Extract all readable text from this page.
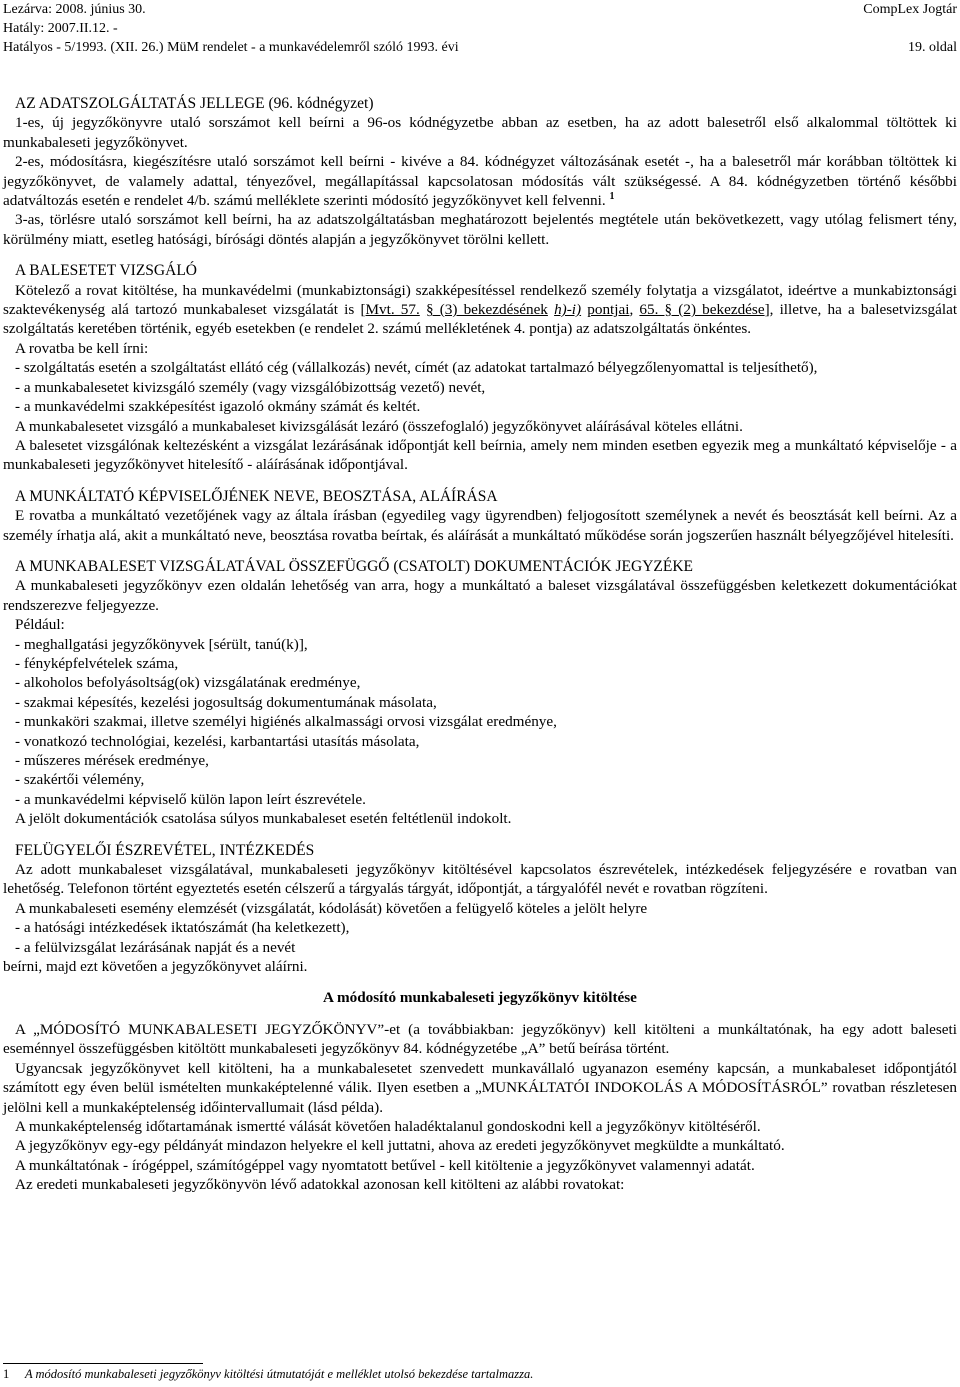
Lezárva: 2008. június 30.	CompLex Jogtár
Hatály: 2007.II.12. -
Hatályos - 5/1993. (XII. 26.) MüM rendelet - a munkavédelemről szóló 1993. évi	19. oldal

AZ ADATSZOLGÁLTATÁS JELLEGE (96. kódnégyzet)

1-es, új jegyzőkönyvre utaló sorszámot kell beírni a 96-os kódnégyzetbe abban az esetben, ha az adott balesetről első alkalommal töltöttek ki munkabaleseti jegyzőkönyvet.

2-es, módosításra, kiegészítésre utaló sorszámot kell beírni - kivéve a 84. kódnégyzet változásának esetét -, ha a balesetről már korábban töltöttek ki jegyzőkönyvet, de valamely adattal, tényezővel, megállapítással kapcsolatosan módosítás vált szükségessé. A 84. kódnégyzetben történő későbbi adatváltozás esetén e rendelet 4/b. számú melléklete szerinti módosító jegyzőkönyvet kell felvenni. $^1$

3-as, törlésre utaló sorszámot kell beírni, ha az adatszolgáltatásban meghatározott bejelentés megtétele után bekövetkezett, vagy utólag felismert tény, körülmény miatt, esetleg hatósági, bírósági döntés alapján a jegyzőkönyvet törölni kellett.

A BALESETET VIZSGÁLÓ

Kötelező a rovat kitöltése, ha munkavédelmi (munkabiztonsági) szakképesítéssel rendelkező személy folytatja a vizsgálatot, ideértve a munkabiztonsági szaktevékenység alá tartozó munkabaleset vizsgálatát is [Mvt. 57. § (3) bekezdésének h)-i) pontjai, 65. § (2) bekezdése], illetve, ha a balesetvizsgálat szolgáltatás keretében történik, egyéb esetekben (e rendelet 2. számú mellékletének 4. pontja) az adatszolgáltatás önkéntes.

A rovatba be kell írni:

- szolgáltatás esetén a szolgáltatást ellátó cég (vállalkozás) nevét, címét (az adatokat tartalmazó bélyegzőlenyomattal is teljesíthető),

- a munkabalesetet kivizsgáló személy (vagy vizsgálóbizottság vezető) nevét,

- a munkavédelmi szakképesítést igazoló okmány számát és keltét.

A munkabalesetet vizsgáló a munkabaleset kivizsgálását lezáró (összefoglaló) jegyzőkönyvet aláírásával köteles ellátni.

A balesetet vizsgálónak keltezésként a vizsgálat lezárásának időpontját kell beírnia, amely nem minden esetben egyezik meg a munkáltató képviselője - a munkabaleseti jegyzőkönyvet hitelesítő - aláírásának időpontjával.

A MUNKÁLTATÓ KÉPVISELŐJÉNEK NEVE, BEOSZTÁSA, ALÁÍRÁSA

E rovatba a munkáltató vezetőjének vagy az általa írásban (egyedileg vagy ügyrendben) feljogosított személynek a nevét és beosztását kell beírni. Az a személy írhatja alá, akit a munkáltató neve, beosztása rovatba beírtak, és aláírását a munkáltató működése során jogszerűen használt bélyegzőjével hitelesíti.

A MUNKABALESET VIZSGÁLATÁVAL ÖSSZEFÜGGŐ (CSATOLT) DOKUMENTÁCIÓK JEGYZÉKE

A munkabaleseti jegyzőkönyv ezen oldalán lehetőség van arra, hogy a munkáltató a baleset vizsgálatával összefüggésben keletkezett dokumentációkat rendszerezve feljegyezze.

Például:

- meghallgatási jegyzőkönyvek [sérült, tanú(k)],

- fényképfelvételek száma,

- alkoholos befolyásoltság(ok) vizsgálatának eredménye,

- szakmai képesítés, kezelési jogosultság dokumentumának másolata,

- munkaköri szakmai, illetve személyi higiénés alkalmassági orvosi vizsgálat eredménye,

- vonatkozó technológiai, kezelési, karbantartási utasítás másolata,

- műszeres mérések eredménye,

- szakértői vélemény,

- a munkavédelmi képviselő külön lapon leírt észrevétele.

A jelölt dokumentációk csatolása súlyos munkabaleset esetén feltétlenül indokolt.

FELÜGYELŐI ÉSZREVÉTEL, INTÉZKEDÉS

Az adott munkabaleset vizsgálatával, munkabaleseti jegyzőkönyv kitöltésével kapcsolatos észrevételek, intézkedések feljegyzésére e rovatban van lehetőség. Telefonon történt egyeztetés esetén célszerű a tárgyalás tárgyát, időpontját, a tárgyalófél nevét e rovatban rögzíteni.

A munkabaleseti esemény elemzését (vizsgálatát, kódolását) követően a felügyelő köteles a jelölt helyre

- a hatósági intézkedések iktatószámát (ha keletkezett),

- a felülvizsgálat lezárásának napját és a nevét

beírni, majd ezt követően a jegyzőkönyvet aláírni.

A módosító munkabaleseti jegyzőkönyv kitöltése

A „MÓDOSÍTÓ MUNKABALESETI JEGYZŐKÖNYV”-et (a továbbiakban: jegyzőkönyv) kell kitölteni a munkáltatónak, ha egy adott baleseti eseménnyel összefüggésben kitöltött munkabaleseti jegyzőkönyv 84. kódnégyzetébe „A” betű beírása történt.

Ugyancsak jegyzőkönyvet kell kitölteni, ha a munkabalesetet szenvedett munkavállaló ugyanazon esemény kapcsán, a munkabaleset időpontjától számított egy éven belül ismételten munkaképtelenné válik. Ilyen esetben a „MUNKÁLTATÓI INDOKOLÁS A MÓDOSÍTÁSRÓL” rovatban részletesen jelölni kell a munkaképtelenség időintervallumait (lásd példa).

A munkaképtelenség időtartamának ismertté válását követően haladéktalanul gondoskodni kell a jegyzőkönyv kitöltéséről.

A jegyzőkönyv egy-egy példányát mindazon helyekre el kell juttatni, ahova az eredeti jegyzőkönyvet megküldte a munkáltató.

A munkáltatónak - írógéppel, számítógéppel vagy nyomtatott betűvel - kell kitöltenie a jegyzőkönyvet valamennyi adatát.

Az eredeti munkabaleseti jegyzőkönyvön lévő adatokkal azonosan kell kitölteni az alábbi rovatokat:

1 A módosító munkabaleseti jegyzőkönyv kitöltési útmutatóját e melléklet utolsó bekezdése tartalmazza.
